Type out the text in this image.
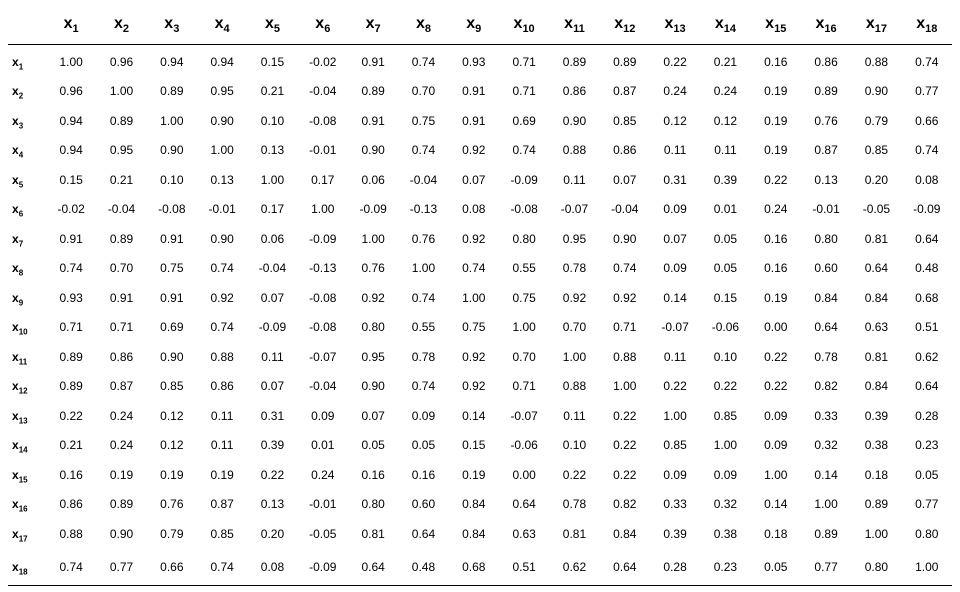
	$x_1$	$x_2$	$x_3$	$x_4$	$x_5$	$x_6$	$x_7$	$x_8$	$x_9$	$x_{10}$	$x_{11}$	$x_{12}$	$x_{13}$	$x_{14}$	$x_{15}$	$x_{16}$	$x_{17}$	$x_{18}$
$x_1$	1.00	0.96	0.94	0.94	0.15	-0.02	0.91	0.74	0.93	0.71	0.89	0.89	0.22	0.21	0.16	0.86	0.88	0.74
$x_2$	0.96	1.00	0.89	0.95	0.21	-0.04	0.89	0.70	0.91	0.71	0.86	0.87	0.24	0.24	0.19	0.89	0.90	0.77
$x_3$	0.94	0.89	1.00	0.90	0.10	-0.08	0.91	0.75	0.91	0.69	0.90	0.85	0.12	0.12	0.19	0.76	0.79	0.66
$x_4$	0.94	0.95	0.90	1.00	0.13	-0.01	0.90	0.74	0.92	0.74	0.88	0.86	0.11	0.11	0.19	0.87	0.85	0.74
$x_5$	0.15	0.21	0.10	0.13	1.00	0.17	0.06	-0.04	0.07	-0.09	0.11	0.07	0.31	0.39	0.22	0.13	0.20	0.08
$x_6$	-0.02	-0.04	-0.08	-0.01	0.17	1.00	-0.09	-0.13	0.08	-0.08	-0.07	-0.04	0.09	0.01	0.24	-0.01	-0.05	-0.09
$x_7$	0.91	0.89	0.91	0.90	0.06	-0.09	1.00	0.76	0.92	0.80	0.95	0.90	0.07	0.05	0.16	0.80	0.81	0.64
$x_8$	0.74	0.70	0.75	0.74	-0.04	-0.13	0.76	1.00	0.74	0.55	0.78	0.74	0.09	0.05	0.16	0.60	0.64	0.48
$x_9$	0.93	0.91	0.91	0.92	0.07	-0.08	0.92	0.74	1.00	0.75	0.92	0.92	0.14	0.15	0.19	0.84	0.84	0.68
$x_{10}$	0.71	0.71	0.69	0.74	-0.09	-0.08	0.80	0.55	0.75	1.00	0.70	0.71	-0.07	-0.06	0.00	0.64	0.63	0.51
$x_{11}$	0.89	0.86	0.90	0.88	0.11	-0.07	0.95	0.78	0.92	0.70	1.00	0.88	0.11	0.10	0.22	0.78	0.81	0.62
$x_{12}$	0.89	0.87	0.85	0.86	0.07	-0.04	0.90	0.74	0.92	0.71	0.88	1.00	0.22	0.22	0.22	0.82	0.84	0.64
$x_{13}$	0.22	0.24	0.12	0.11	0.31	0.09	0.07	0.09	0.14	-0.07	0.11	0.22	1.00	0.85	0.09	0.33	0.39	0.28
$x_{14}$	0.21	0.24	0.12	0.11	0.39	0.01	0.05	0.05	0.15	-0.06	0.10	0.22	0.85	1.00	0.09	0.32	0.38	0.23
$x_{15}$	0.16	0.19	0.19	0.19	0.22	0.24	0.16	0.16	0.19	0.00	0.22	0.22	0.09	0.09	1.00	0.14	0.18	0.05
$x_{16}$	0.86	0.89	0.76	0.87	0.13	-0.01	0.80	0.60	0.84	0.64	0.78	0.82	0.33	0.32	0.14	1.00	0.89	0.77
$x_{17}$	0.88	0.90	0.79	0.85	0.20	-0.05	0.81	0.64	0.84	0.63	0.81	0.84	0.39	0.38	0.18	0.89	1.00	0.80
$x_{18}$	0.74	0.77	0.66	0.74	0.08	-0.09	0.64	0.48	0.68	0.51	0.62	0.64	0.28	0.23	0.05	0.77	0.80	1.00
